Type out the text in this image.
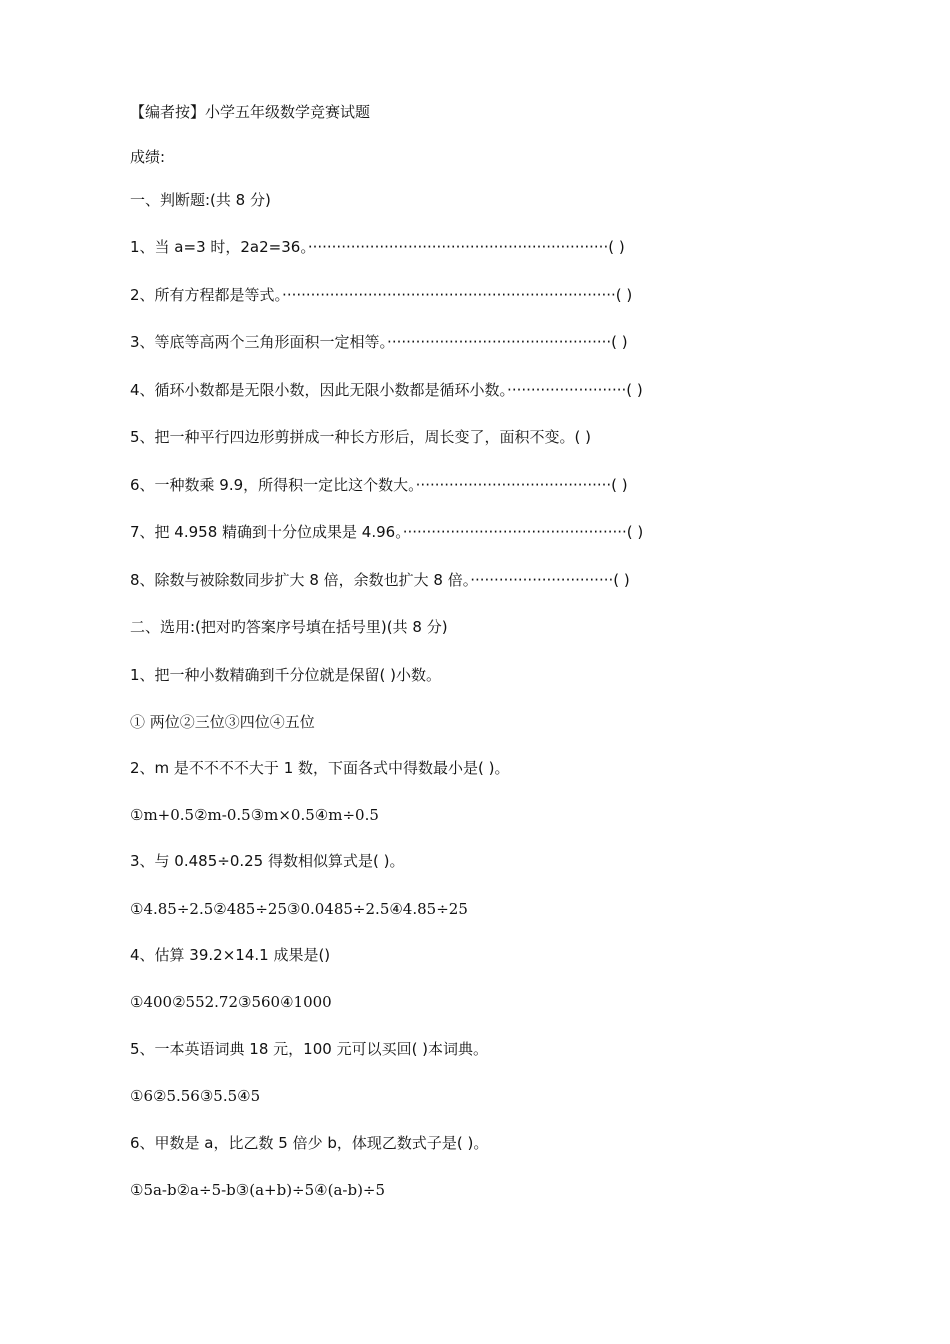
【编者按】小学五年级数学竞赛试题
成绩:
一、判断题:(共 8 分)
1、当 a=3 时，2a2=36。·······························································( )
2、所有方程都是等式。······································································( )
3、等底等高两个三角形面积一定相等。···············································( )
4、循环小数都是无限小数，因此无限小数都是循环小数。·························( )
5、把一种平行四边形剪拼成一种长方形后，周长变了，面积不变。( )
6、一种数乘 9.9，所得积一定比这个数大。·········································( )
7、把 4.958 精确到十分位成果是 4.96。···············································( )
8、除数与被除数同步扩大 8 倍，余数也扩大 8 倍。······························( )
二、选用:(把对旳答案序号填在括号里)(共 8 分)
1、把一种小数精确到千分位就是保留( )小数。
① 两位②三位③四位④五位
2、m 是不不不不大于 1 数，下面各式中得数最小是( )。
①m+0.5②m-0.5③m×0.5④m÷0.5
3、与 0.485÷0.25 得数相似算式是( )。
①4.85÷2.5②485÷25③0.0485÷2.5④4.85÷25
4、估算 39.2×14.1 成果是()
①400②552.72③560④1000
5、一本英语词典 18 元，100 元可以买回( )本词典。
①6②5.56③5.5④5
6、甲数是 a，比乙数 5 倍少 b，体现乙数式子是( )。
①5a-b②a÷5-b③(a+b)÷5④(a-b)÷5
